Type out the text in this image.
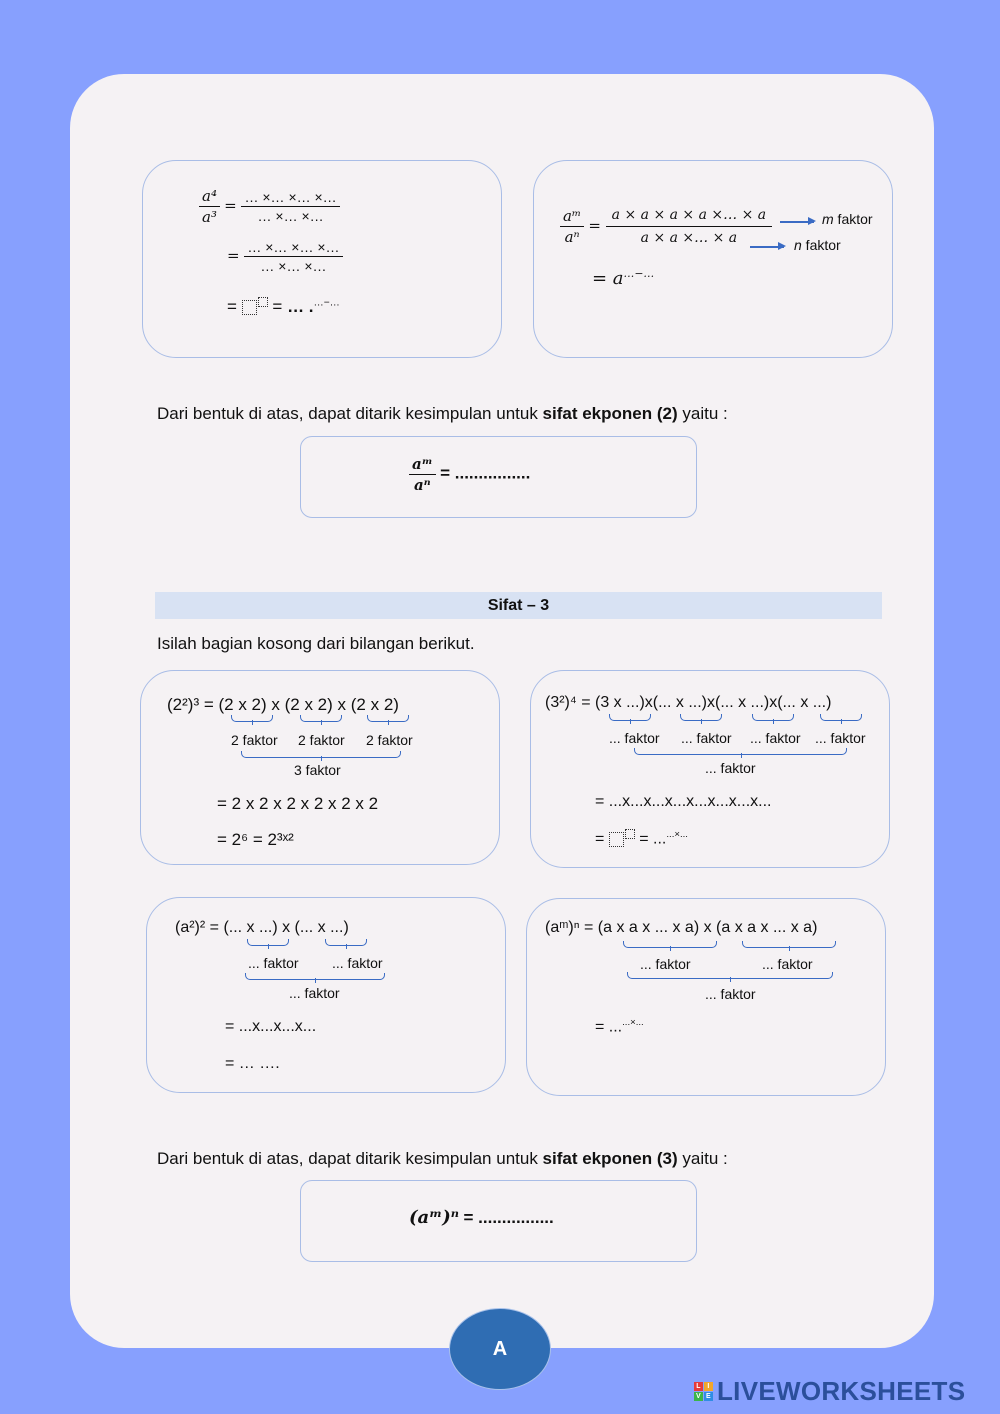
$\frac{\text{a⁴}}{\text{a³}} = \frac{\dots \times\dots \times\dots \times\dots}{\dots \times\dots \times\dots}$
= $\frac{\dots \times\dots \times\dots \times\dots}{\dots \times\dots \times\dots}$
= = … .…−…
$\frac{\text{aᵐ}}{\text{aⁿ}} = \frac{a \times a \times a \times a \times\dots \times a}{a \times a \times\dots \times a}$	m faktor
n faktor
= a…−…
Dari bentuk di atas, dapat ditarik kesimpulan untuk sifat ekponen (2) yaitu :
$\frac{\text{aᵐ}}{\text{aⁿ}}$ = ................
Sifat – 3
Isilah bagian kosong dari bilangan berikut.
(2²)³ = (2 x 2) x (2 x 2) x (2 x 2)
2 faktor 2 faktor 2 faktor
3 faktor
= 2 x 2 x 2 x 2 x 2 x 2
= 2⁶ = 2³ˣ²
(3²)⁴ = (3 x ...)x(... x ...)x(... x ...)x(... x ...)
... faktor ... faktor ... faktor ... faktor
... faktor
= ...x...x...x...x...x...x...x...
=  = ......×...
(a²)² = (... x ...) x (... x ...)
... faktor ... faktor
... faktor
= ...x...x...x...
= … ….
(aᵐ)ⁿ = (a x a x ... x a) x (a x a x ... x a)
... faktor	... faktor
... faktor
= ......×...
Dari bentuk di atas, dapat ditarik kesimpulan untuk sifat ekponen (3) yaitu :
(aᵐ)ⁿ = ................
A
L I
V E LIVEWORKSHEETS
